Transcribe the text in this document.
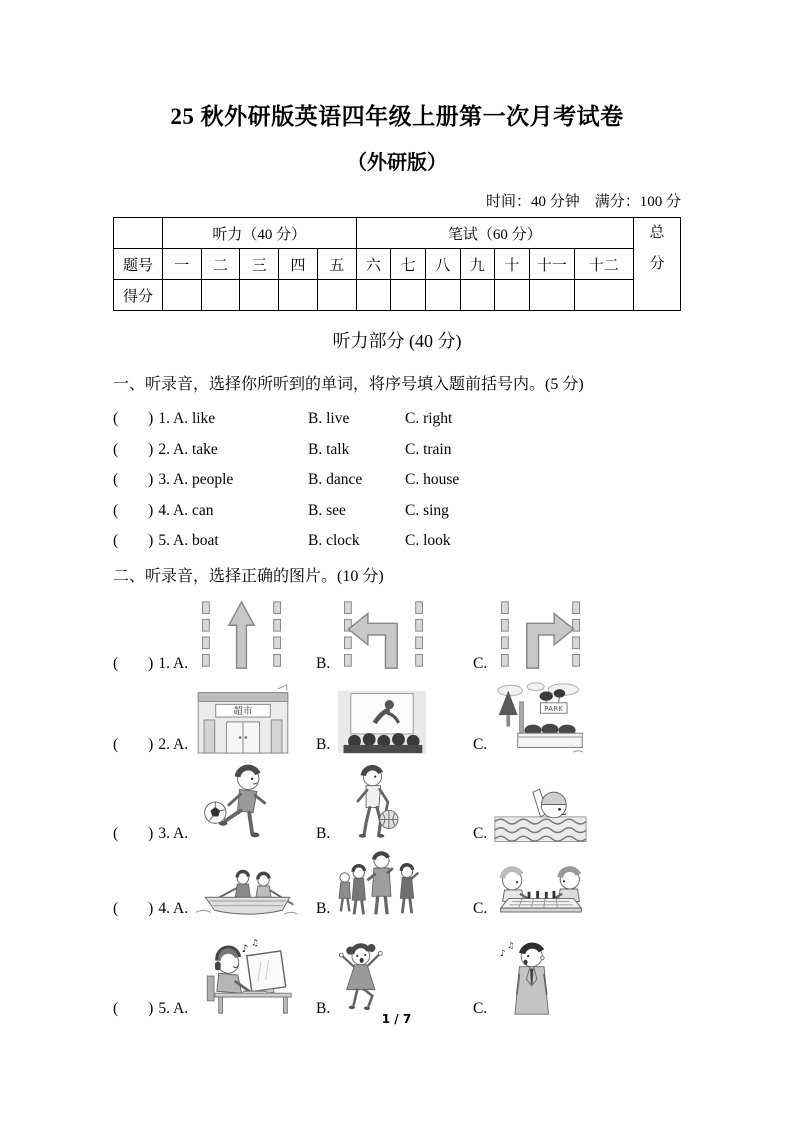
25 秋外研版英语四年级上册第一次月考试卷
（外研版）
时间：40 分钟　满分：100 分
	听力（40 分）					笔试（60 分）							总
分

题号	一	二	三	四	五	六	七	八	九	十	十一	十二	
得分													
听力部分 (40 分)
一、听录音，选择你所听到的单词，将序号填入题前括号内。(5 分)
( ) 1. A. like	B. live	C. right
( ) 2. A. take	B. talk	C. train
( ) 3. A. people	B. dance	C. house
( ) 4. A. can	B. see	C. sing
( ) 5. A. boat	B. clock	C. look
二、听录音，选择正确的图片。(10 分)
( ) 1. A.	B.	C.
( ) 2. A.
超市
B.	C.
PARK
( ) 3. A.	B.	C.
( ) 4. A.	B.	C.
( ) 5. A.
♪ ♫
B.	C.
♪
♫
1 / 7
